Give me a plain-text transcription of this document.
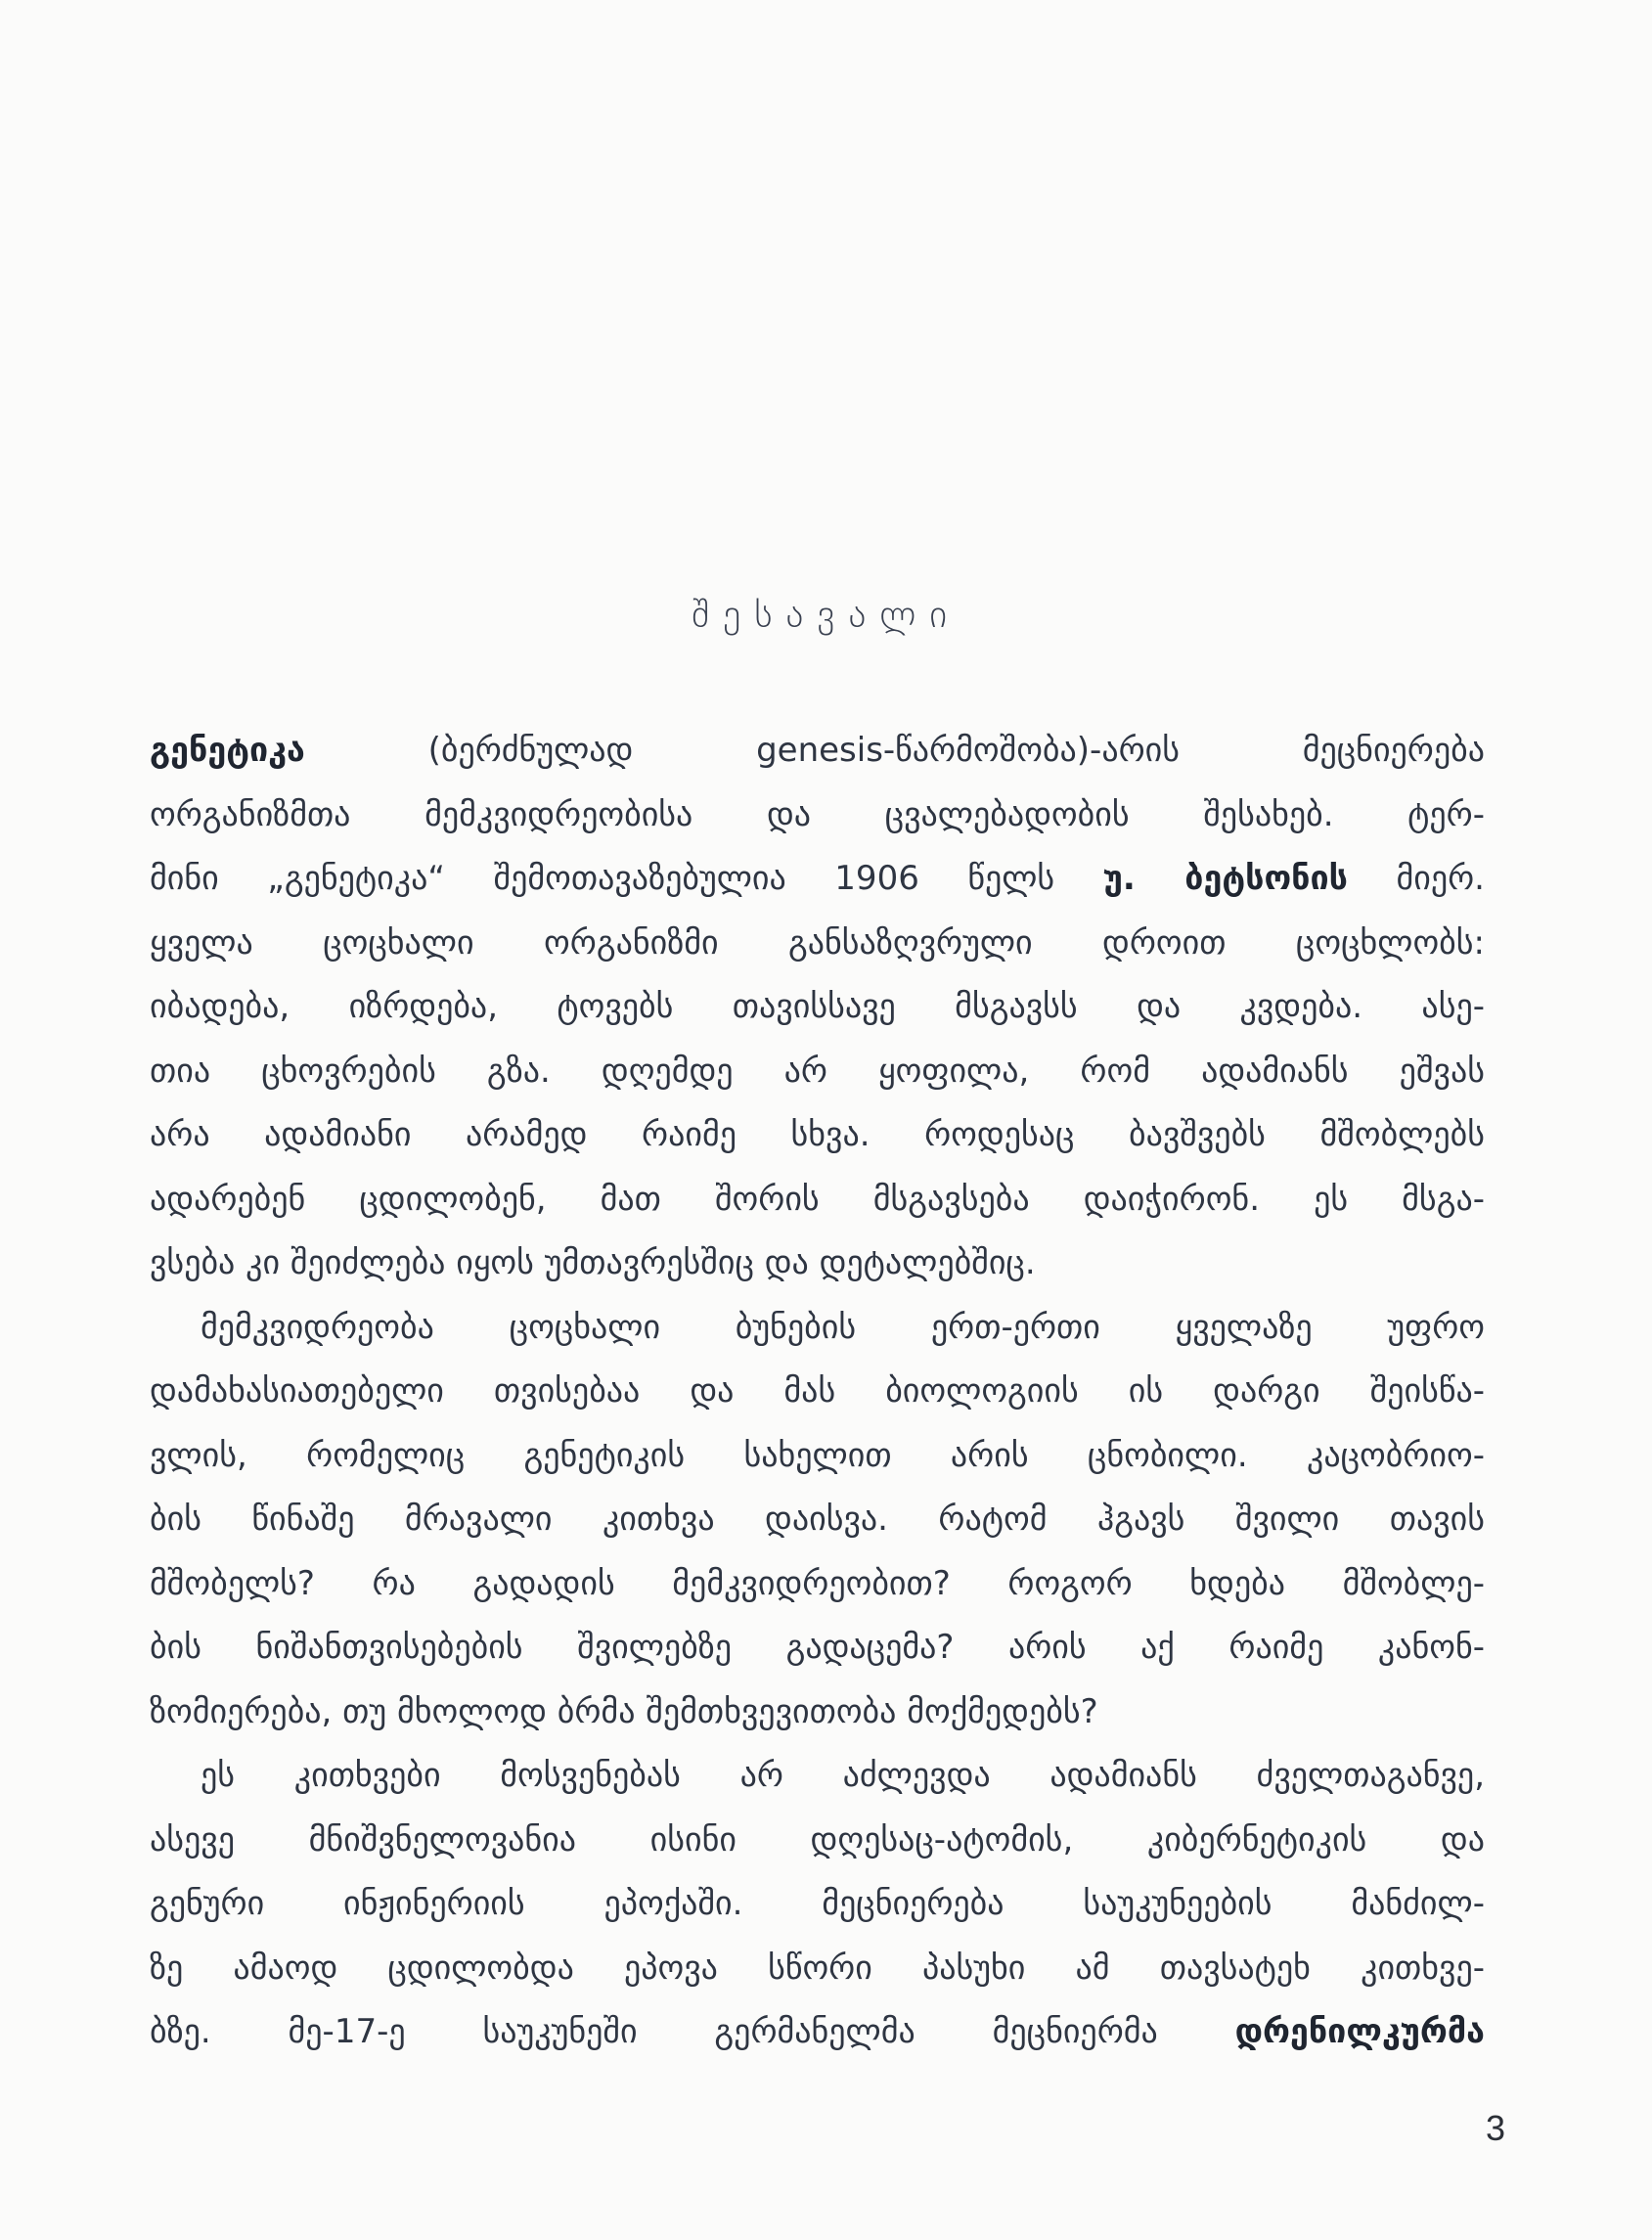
შესავალი
გენეტიკა (ბერძნულად genesis-წარმოშობა)-არის მეცნიერება
ორგანიზმთა მემკვიდრეობისა და ცვალებადობის შესახებ. ტერ-
მინი „გენეტიკა“ შემოთავაზებულია 1906 წელს უ. ბეტსონის მიერ.
ყველა ცოცხალი ორგანიზმი განსაზღვრული დროით ცოცხლობს:
იბადება, იზრდება, ტოვებს თავისსავე მსგავსს და კვდება. ასე-
თია ცხოვრების გზა. დღემდე არ ყოფილა, რომ ადამიანს ეშვას
არა ადამიანი არამედ რაიმე სხვა. როდესაც ბავშვებს მშობლებს
ადარებენ ცდილობენ, მათ შორის მსგავსება დაიჭირონ. ეს მსგა-
ვსება კი შეიძლება იყოს უმთავრესშიც და დეტალებშიც.
მემკვიდრეობა ცოცხალი ბუნების ერთ-ერთი ყველაზე უფრო
დამახასიათებელი თვისებაა და მას ბიოლოგიის ის დარგი შეისწა-
ვლის, რომელიც გენეტიკის სახელით არის ცნობილი. კაცობრიო-
ბის წინაშე მრავალი კითხვა დაისვა. რატომ ჰგავს შვილი თავის
მშობელს? რა გადადის მემკვიდრეობით? როგორ ხდება მშობლე-
ბის ნიშანთვისებების შვილებზე გადაცემა? არის აქ რაიმე კანონ-
ზომიერება, თუ მხოლოდ ბრმა შემთხვევითობა მოქმედებს?
ეს კითხვები მოსვენებას არ აძლევდა ადამიანს ძველთაგანვე,
ასევე მნიშვნელოვანია ისინი დღესაც-ატომის, კიბერნეტიკის და
გენური ინჟინერიის ეპოქაში. მეცნიერება საუკუნეების მანძილ-
ზე ამაოდ ცდილობდა ეპოვა სწორი პასუხი ამ თავსატეხ კითხვე-
ბზე. მე-17-ე საუკუნეში გერმანელმა მეცნიერმა დრენილკურმა
3
